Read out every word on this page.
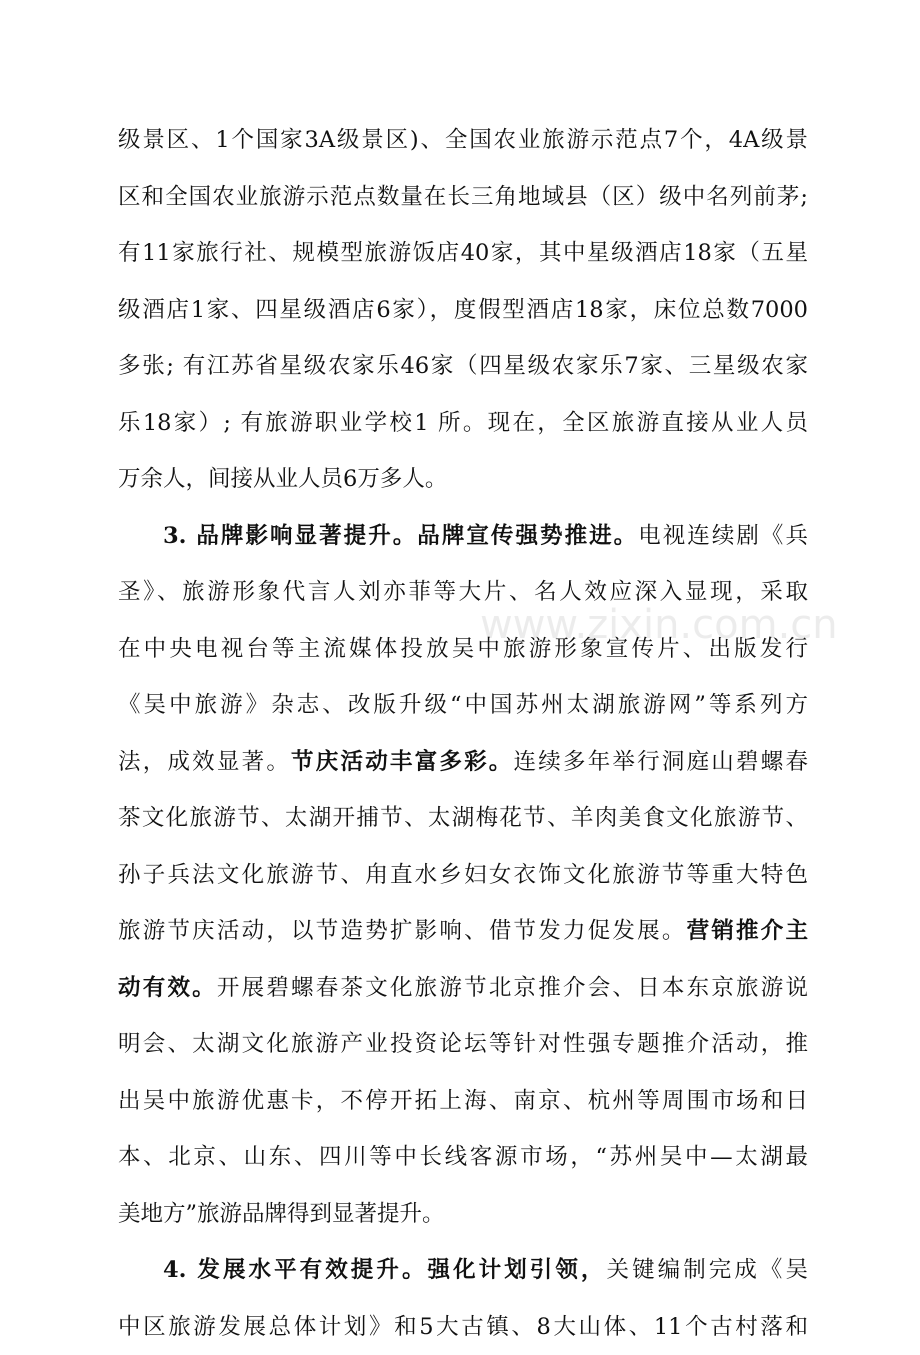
www.zixin.com.cn
级景区、1个国家3A级景区)、全国农业旅游示范点7个，4A级景
区和全国农业旅游示范点数量在长三角地域县（区）级中名列前茅;
有11家旅行社、规模型旅游饭店40家，其中星级酒店18家（五星
级酒店1家、四星级酒店6家），度假型酒店18家，床位总数7000
多张; 有江苏省星级农家乐46家（四星级农家乐7家、三星级农家
乐18家）; 有旅游职业学校1 所。现在，全区旅游直接从业人员
万余人，间接从业人员6万多人。
3. 品牌影响显著提升。品牌宣传强势推进。电视连续剧《兵
圣》、旅游形象代言人刘亦菲等大片、名人效应深入显现，采取
在中央电视台等主流媒体投放吴中旅游形象宣传片、出版发行
《吴中旅游》杂志、改版升级“中国苏州太湖旅游网”等系列方
法，成效显著。节庆活动丰富多彩。连续多年举行洞庭山碧螺春
茶文化旅游节、太湖开捕节、太湖梅花节、羊肉美食文化旅游节、
孙子兵法文化旅游节、甪直水乡妇女衣饰文化旅游节等重大特色
旅游节庆活动，以节造势扩影响、借节发力促发展。营销推介主
动有效。开展碧螺春茶文化旅游节北京推介会、日本东京旅游说
明会、太湖文化旅游产业投资论坛等针对性强专题推介活动，推
出吴中旅游优惠卡，不停开拓上海、南京、杭州等周围市场和日
本、北京、山东、四川等中长线客源市场，“苏州吴中—太湖最
美地方”旅游品牌得到显著提升。
4. 发展水平有效提升。强化计划引领，关键编制完成《吴
中区旅游发展总体计划》和5大古镇、8大山体、11个古村落和
